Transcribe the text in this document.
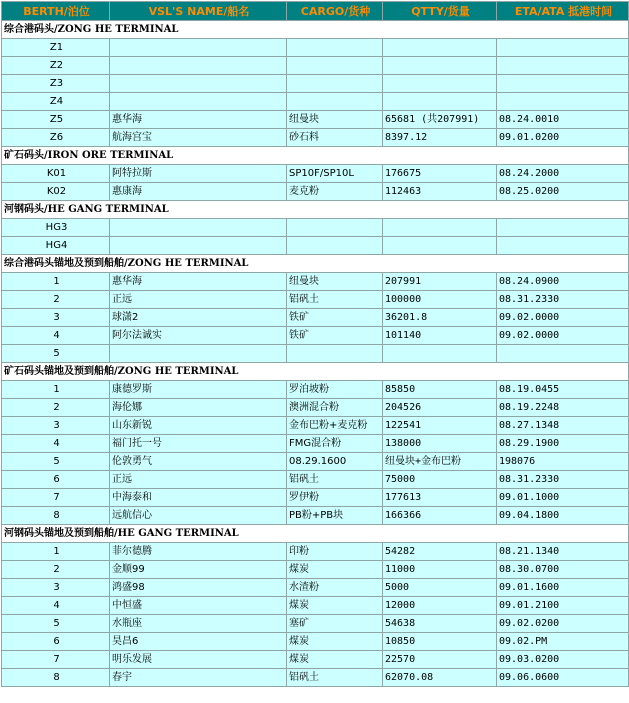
BERTH/泊位	VSL'S NAME/船名	CARGO/货种	QTTY/货量	ETA/ATA 抵港时间
综合港码头/ZONG HE TERMINAL				
Z1				
Z2				
Z3				
Z4				
Z5	惠华海	纽曼块	65681 (共207991)	08.24.0010
Z6	航海宫宝	砂石料	8397.12	09.01.0200
矿石码头/IRON ORE TERMINAL				
K01	阿特拉斯	SP10F/SP10L	176675	08.24.2000
K02	惠康海	麦克粉	112463	08.25.0200
河钢码头/HE GANG TERMINAL				
HG3				
HG4				
综合港码头锚地及预到船舶/ZONG HE TERMINAL				
1	惠华海	纽曼块	207991	08.24.0900
2	正远	铝矾土	100000	08.31.2330
3	球潇2	铁矿	36201.8	09.02.0000
4	阿尔法诚实	铁矿	101140	09.02.0000
5				
矿石码头锚地及预到船舶/ZONG HE TERMINAL				
1	康德罗斯	罗泊坡粉	85850	08.19.0455
2	海伦娜	澳洲混合粉	204526	08.19.2248
3	山东新锐	金布巴粉+麦克粉	122541	08.27.1348
4	福门托一号	FMG混合粉	138000	08.29.1900
5	伦敦勇气	08.29.1600	纽曼块+金布巴粉	198076
6	正远	铝矾土	75000	08.31.2330
7	中海泰和	罗伊粉	177613	09.01.1000
8	远航信心	PB粉+PB块	166366	09.04.1800
河钢码头锚地及预到船舶/HE GANG TERMINAL				
1	菲尔德腾	印粉	54282	08.21.1340
2	金顺99	煤炭	11000	08.30.0700
3	鸿盛98	水渣粉	5000	09.01.1600
4	中恒盛	煤炭	12000	09.01.2100
5	水瓶座	塞矿	54638	09.02.0200
6	昊昌6	煤炭	10850	09.02.PM
7	明乐发展	煤炭	22570	09.03.0200
8	春宇	铝矾土	62070.08	09.06.0600
